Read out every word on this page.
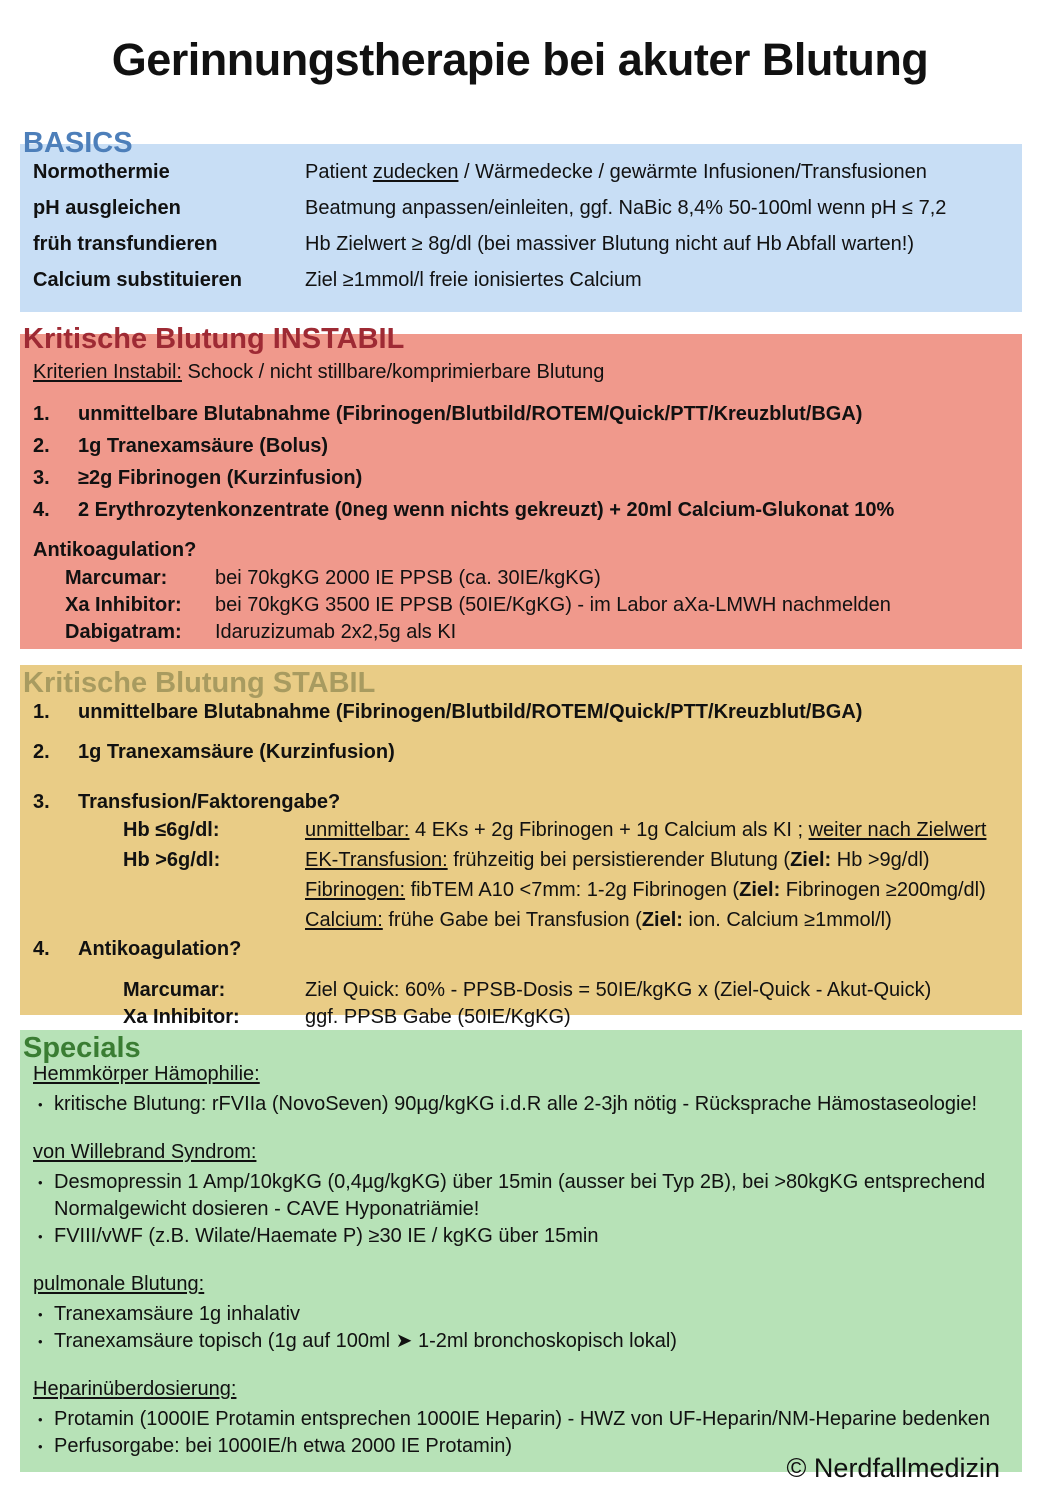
Gerinnungstherapie bei akuter Blutung
BASICS
Normothermie	Patient zudecken / Wärmedecke / gewärmte Infusionen/Transfusionen
pH ausgleichen	Beatmung anpassen/einleiten, ggf. NaBic 8,4% 50-100ml wenn pH ≤ 7,2
früh transfundieren	Hb Zielwert ≥ 8g/dl (bei massiver Blutung nicht auf Hb Abfall warten!)
Calcium substituieren	Ziel ≥1mmol/l freie ionisiertes Calcium
Kritische Blutung INSTABIL
Kriterien Instabil: Schock / nicht stillbare/komprimierbare Blutung
1.	unmittelbare Blutabnahme (Fibrinogen/Blutbild/ROTEM/Quick/PTT/Kreuzblut/BGA)
2.	1g Tranexamsäure (Bolus)
3.	≥2g Fibrinogen (Kurzinfusion)
4.	2 Erythrozytenkonzentrate (0neg wenn nichts gekreuzt) + 20ml Calcium-Glukonat 10%
Antikoagulation?
Marcumar:	bei 70kgKG 2000 IE PPSB (ca. 30IE/kgKG)
Xa Inhibitor:	bei 70kgKG 3500 IE PPSB (50IE/KgKG) - im Labor aXa-LMWH nachmelden
Dabigatram:	Idaruzizumab 2x2,5g als KI
Kritische Blutung STABIL
1.	unmittelbare Blutabnahme (Fibrinogen/Blutbild/ROTEM/Quick/PTT/Kreuzblut/BGA)
2.	1g Tranexamsäure (Kurzinfusion)
3.	Transfusion/Faktorengabe?
Hb ≤6g/dl:	unmittelbar: 4 EKs + 2g Fibrinogen + 1g Calcium als KI ; weiter nach Zielwert
Hb >6g/dl:	EK-Transfusion: frühzeitig bei persistierender Blutung (Ziel: Hb >9g/dl)
Fibrinogen: fibTEM A10 <7mm: 1-2g Fibrinogen (Ziel: Fibrinogen ≥200mg/dl)
Calcium: frühe Gabe bei Transfusion (Ziel: ion. Calcium ≥1mmol/l)
4.	Antikoagulation?
Marcumar:	Ziel Quick: 60% - PPSB-Dosis = 50IE/kgKG x (Ziel-Quick - Akut-Quick)
Xa Inhibitor:	ggf. PPSB Gabe (50IE/KgKG)
Specials
Hemmkörper Hämophilie:
• kritische Blutung: rFVIIa (NovoSeven) 90µg/kgKG i.d.R alle 2-3jh nötig - Rücksprache Hämostaseologie!
von Willebrand Syndrom:
• Desmopressin 1 Amp/10kgKG (0,4µg/kgKG) über 15min (ausser bei Typ 2B), bei >80kgKG entsprechend Normalgewicht dosieren - CAVE Hyponatriämie!
• FVIII/vWF (z.B. Wilate/Haemate P) ≥30 IE / kgKG über 15min
pulmonale Blutung:
• Tranexamsäure 1g inhalativ
• Tranexamsäure topisch (1g auf 100ml ➤ 1-2ml bronchoskopisch lokal)
Heparinüberdosierung:
• Protamin (1000IE Protamin entsprechen 1000IE Heparin) - HWZ von UF-Heparin/NM-Heparine bedenken
• Perfusorgabe: bei 1000IE/h etwa 2000 IE Protamin)
© Nerdfallmedizin
